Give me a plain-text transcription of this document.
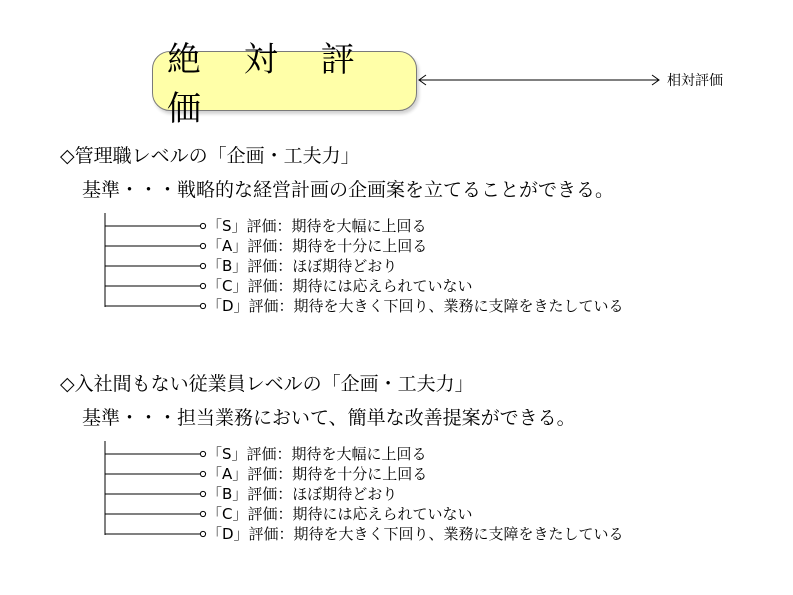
絶 対 評 価
相対評価
◇管理職レベルの「企画・工夫力」
基準・・・戦略的な経営計画の企画案を立てることができる。
「S」評価：期待を大幅に上回る
「A」評価：期待を十分に上回る
「B」評価：ほぼ期待どおり
「C」評価：期待には応えられていない
「D」評価：期待を大きく下回り、業務に支障をきたしている
◇入社間もない従業員レベルの「企画・工夫力」
基準・・・担当業務において、簡単な改善提案ができる。
「S」評価：期待を大幅に上回る
「A」評価：期待を十分に上回る
「B」評価：ほぼ期待どおり
「C」評価：期待には応えられていない
「D」評価：期待を大きく下回り、業務に支障をきたしている
